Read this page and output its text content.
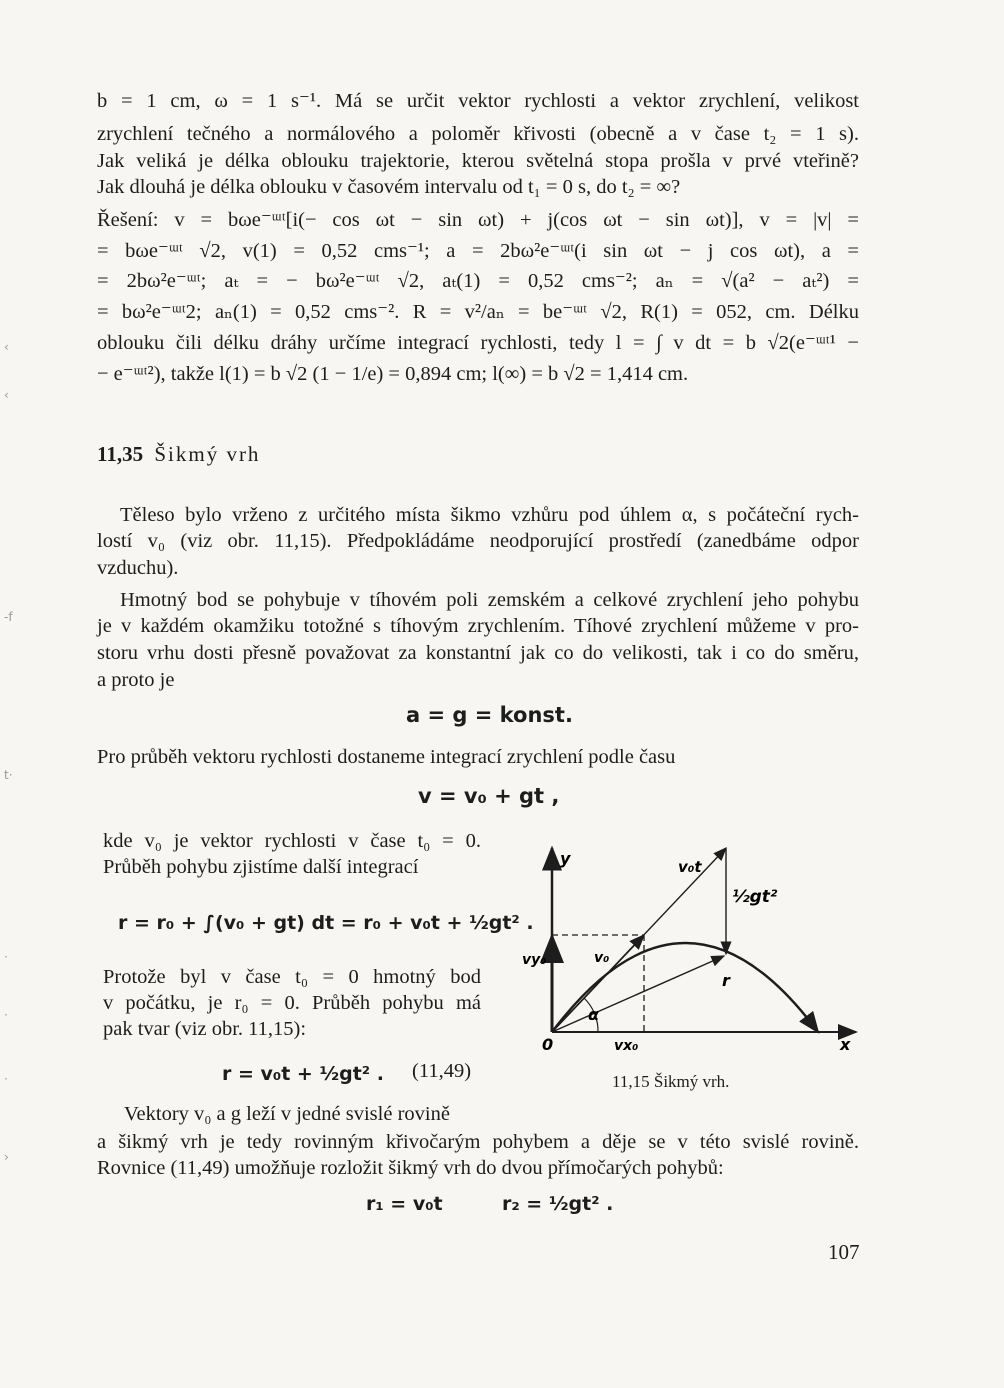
b = 1 cm, ω = 1 s⁻¹. Má se určit vektor rychlosti a vektor zrychlení, velikost
zrychlení tečného a normálového a poloměr křivosti (obecně a v čase t₂ = 1 s).
Jak veliká je délka oblouku trajektorie, kterou světelná stopa prošla v prvé vteřině?
Jak dlouhá je délka oblouku v časovém intervalu od t₁ = 0 s, do t₂ = ∞?
Řešení: v = bωe⁻ᵚᵗ[i(− cos ωt − sin ωt) + j(cos ωt − sin ωt)], v = |v| =
= bωe⁻ᵚᵗ √2, v(1) = 0,52 cms⁻¹; a = 2bω²e⁻ᵚᵗ(i sin ωt − j cos ωt), a =
= 2bω²e⁻ᵚᵗ; aₜ = − bω²e⁻ᵚᵗ √2, aₜ(1) = 0,52 cms⁻²; aₙ = √(a² − aₜ²) =
= bω²e⁻ᵚᵗ2; aₙ(1) = 0,52 cms⁻². R = v²/aₙ = be⁻ᵚᵗ √2, R(1) = 052, cm. Délku
oblouku čili délku dráhy určíme integrací rychlosti, tedy l = ∫ v dt = b √2(e⁻ᵚᵗ¹ −
− e⁻ᵚᵗ²), takže l(1) = b √2 (1 − 1/e) = 0,894 cm; l(∞) = b √2 = 1,414 cm.
11,35 Šikmý vrh
Těleso bylo vrženo z určitého místa šikmo vzhůru pod úhlem α, s počáteční rych-
lostí v₀ (viz obr. 11,15). Předpokládáme neodporující prostředí (zanedbáme odpor
vzduchu).
Hmotný bod se pohybuje v tíhovém poli zemském a celkové zrychlení jeho pohybu
je v každém okamžiku totožné s tíhovým zrychlením. Tíhové zrychlení můžeme v pro-
storu vrhu dosti přesně považovat za konstantní jak co do velikosti, tak i co do směru,
a proto je
a = g = konst.
Pro průběh vektoru rychlosti dostaneme integrací zrychlení podle času
v = v₀ + gt ,
kde v₀ je vektor rychlosti v čase t₀ = 0.
Průběh pohybu zjistíme další integrací
r = r₀ + ∫(v₀ + gt) dt = r₀ + v₀t + ½gt² .
Protože byl v čase t₀ = 0 hmotný bod
v počátku, je r₀ = 0. Průběh pohybu má
pak tvar (viz obr. 11,15):
r = v₀t + ½gt² . (11,49)
Vektory v₀ a g leží v jedné svislé rovině
y
x
0
v₀t
½gt²
vy₀	v₀
r
α
vx₀
11,15 Šikmý vrh.
a šikmý vrh je tedy rovinným křivočarým pohybem a děje se v této svislé rovině.
Rovnice (11,49) umožňuje rozložit šikmý vrh do dvou přímočarých pohybů:
r₁ = v₀t	r₂ = ½gt² .
107
‹
‹
-f
t·
·
·
·
›
